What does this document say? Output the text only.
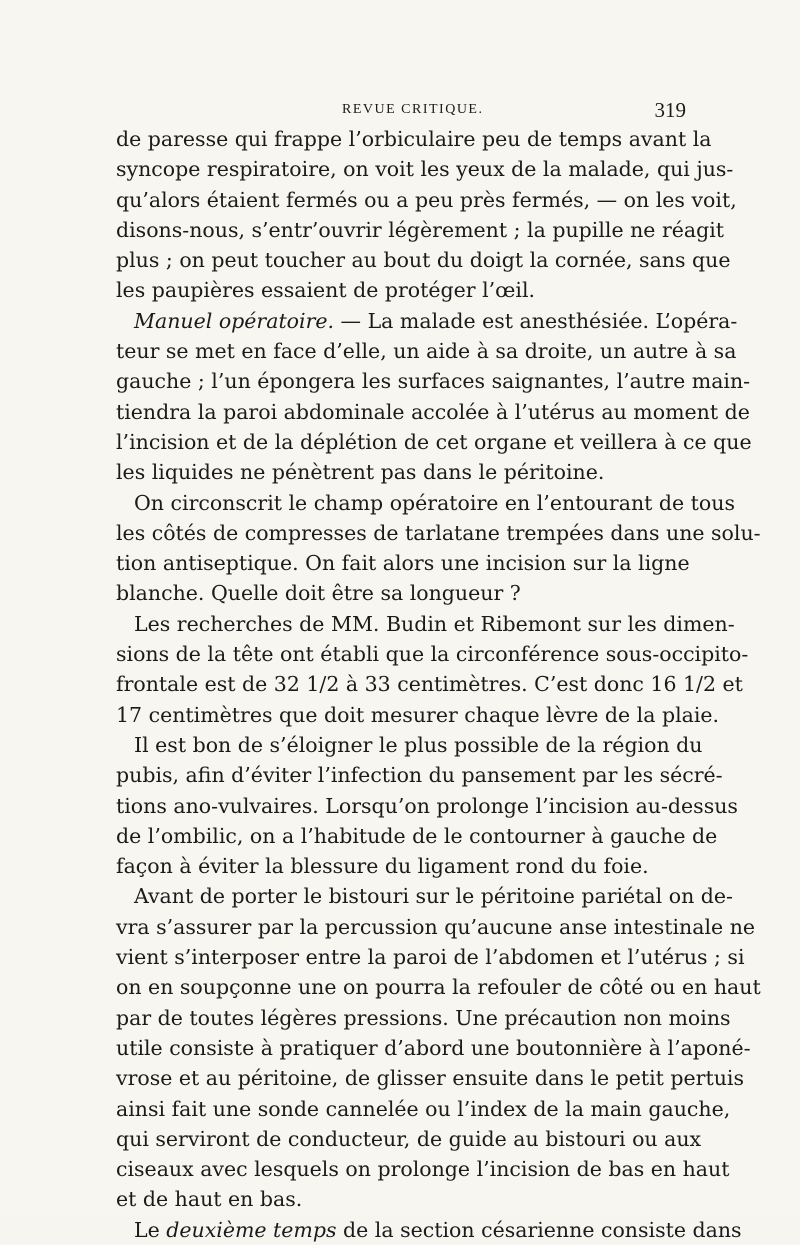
REVUE CRITIQUE.	319
de paresse qui frappe l’orbiculaire peu de temps avant la syncope respiratoire, on voit les yeux de la malade, qui jus- qu’alors étaient fermés ou a peu près fermés, — on les voit, disons-nous, s’entr’ouvrir légèrement ; la pupille ne réagit plus ; on peut toucher au bout du doigt la cornée, sans que les paupières essaient de protéger l’œil. Manuel opératoire. — La malade est anesthésiée. L’opéra- teur se met en face d’elle, un aide à sa droite, un autre à sa gauche ; l’un épongera les surfaces saignantes, l’autre main- tiendra la paroi abdominale accolée à l’utérus au moment de l’incision et de la déplétion de cet organe et veillera à ce que les liquides ne pénètrent pas dans le péritoine. On circonscrit le champ opératoire en l’entourant de tous les côtés de compresses de tarlatane trempées dans une solu- tion antiseptique. On fait alors une incision sur la ligne blanche. Quelle doit être sa longueur ? Les recherches de MM. Budin et Ribemont sur les dimen- sions de la tête ont établi que la circonférence sous-occipito- frontale est de 32 1/2 à 33 centimètres. C’est donc 16 1/2 et 17 centimètres que doit mesurer chaque lèvre de la plaie. Il est bon de s’éloigner le plus possible de la région du pubis, afin d’éviter l’infection du pansement par les sécré- tions ano-vulvaires. Lorsqu’on prolonge l’incision au-dessus de l’ombilic, on a l’habitude de le contourner à gauche de façon à éviter la blessure du ligament rond du foie. Avant de porter le bistouri sur le péritoine pariétal on de- vra s’assurer par la percussion qu’aucune anse intestinale ne vient s’interposer entre la paroi de l’abdomen et l’utérus ; si on en soupçonne une on pourra la refouler de côté ou en haut par de toutes légères pressions. Une précaution non moins utile consiste à pratiquer d’abord une boutonnière à l’aponé- vrose et au péritoine, de glisser ensuite dans le petit pertuis ainsi fait une sonde cannelée ou l’index de la main gauche, qui serviront de conducteur, de guide au bistouri ou aux ciseaux avec lesquels on prolonge l’incision de bas en haut et de haut en bas. Le deuxième temps de la section césarienne consiste dans
